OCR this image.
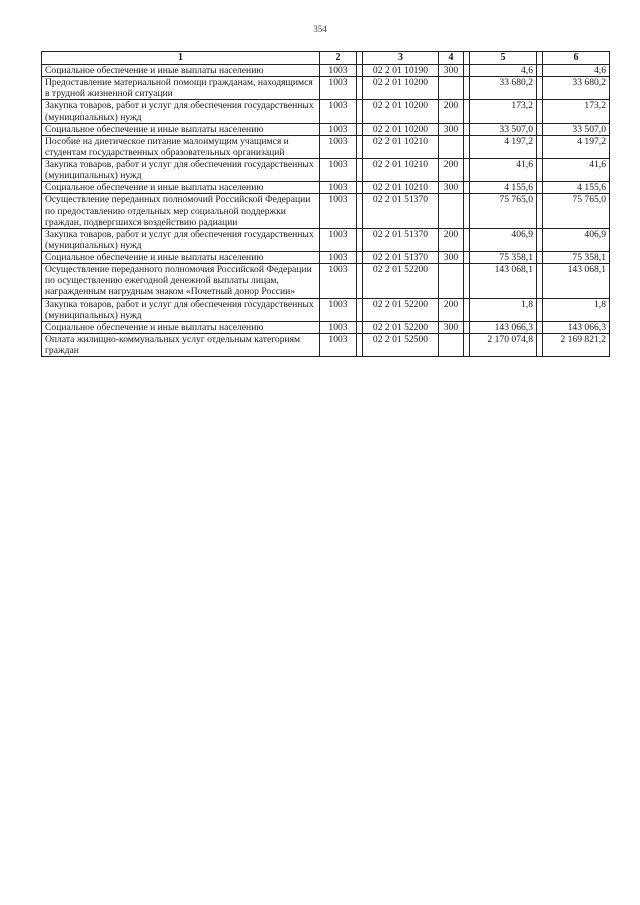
354
1	2		3	4		5		6
Социальное обеспечение и иные выплаты населению	1003		02 2 01 10190	300		4,6		4,6
Предоставление материальной помощи гражданам, находящимся в трудной жизненной ситуации	1003		02 2 01 10200			33 680,2		33 680,2
Закупка товаров, работ и услуг для обеспечения государственных (муниципальных) нужд	1003		02 2 01 10200	200		173,2		173,2
Социальное обеспечение и иные выплаты населению	1003		02 2 01 10200	300		33 507,0		33 507,0
Пособие на диетическое питание малоимущим учащимся и студентам государственных образовательных организаций	1003		02 2 01 10210			4 197,2		4 197,2
Закупка товаров, работ и услуг для обеспечения государственных (муниципальных) нужд	1003		02 2 01 10210	200		41,6		41,6
Социальное обеспечение и иные выплаты населению	1003		02 2 01 10210	300		4 155,6		4 155,6
Осуществление переданных полномочий Российской Федерации по предоставлению отдельных мер социальной поддержки граждан, подвергшихся воздействию радиации	1003		02 2 01 51370			75 765,0		75 765,0
Закупка товаров, работ и услуг для обеспечения государственных (муниципальных) нужд	1003		02 2 01 51370	200		406,9		406,9
Социальное обеспечение и иные выплаты населению	1003		02 2 01 51370	300		75 358,1		75 358,1
Осуществление переданного полномочия Российской Федерации по осуществлению ежегодной денежной выплаты лицам, награжденным нагрудным знаком «Почетный донор России»	1003		02 2 01 52200			143 068,1		143 068,1
Закупка товаров, работ и услуг для обеспечения государственных (муниципальных) нужд	1003		02 2 01 52200	200		1,8		1,8
Социальное обеспечение и иные выплаты населению	1003		02 2 01 52200	300		143 066,3		143 066,3
Оплата жилищно-коммунальных услуг отдельным категориям граждан	1003		02 2 01 52500			2 170 074,8		2 169 821,2
